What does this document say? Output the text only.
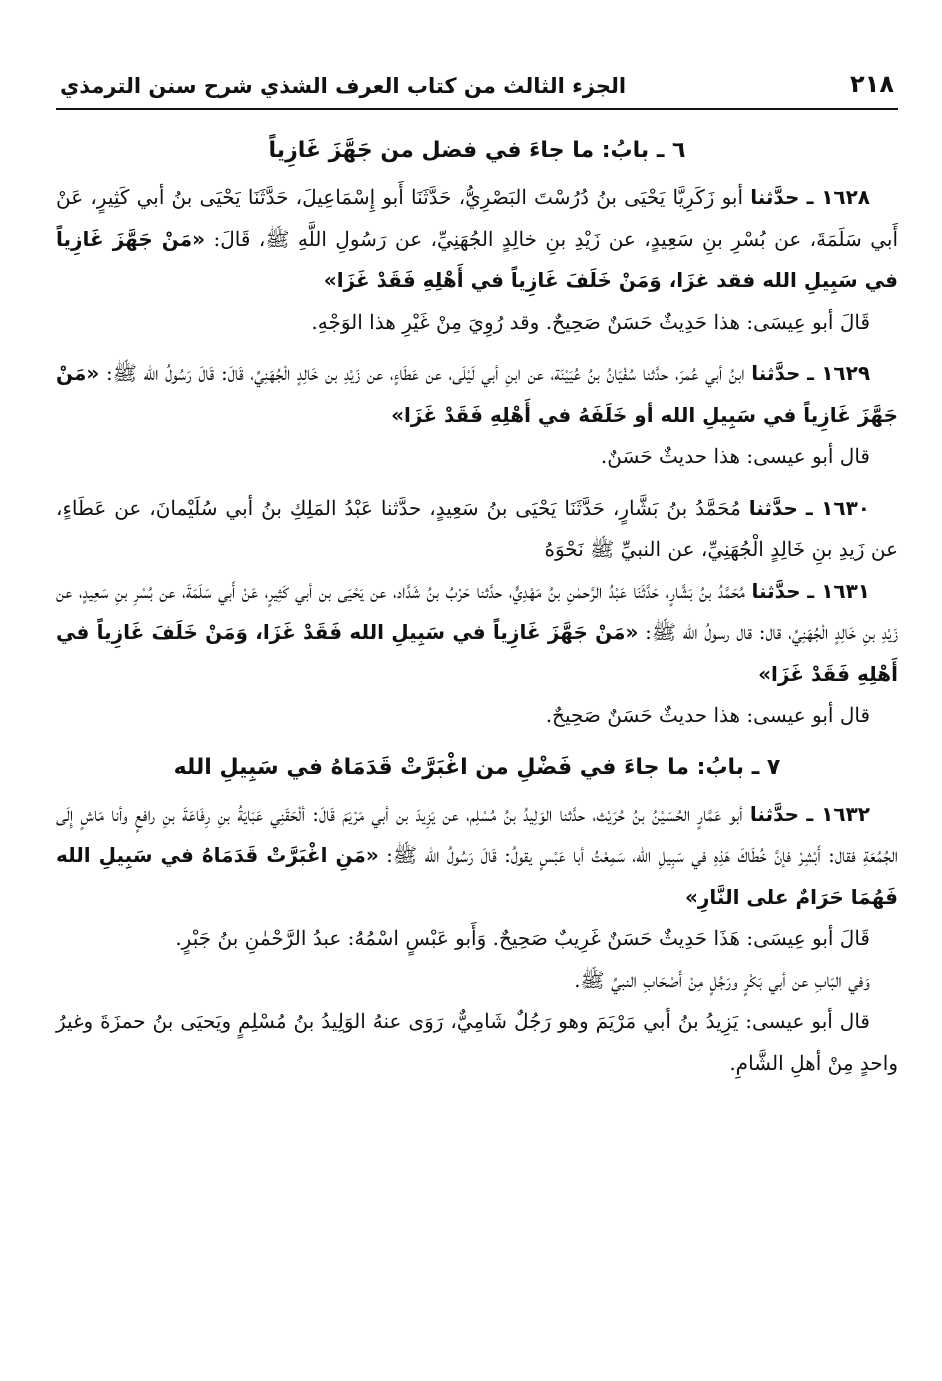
٢١٨
الجزء الثالث من كتاب العرف الشذي شرح سنن الترمذي
٦ ـ بابُ: ما جاءَ في فضل من جَهَّزَ غَازِياً

١٦٢٨ ـ حدَّثنا أبو زَكَرِيَّا يَحْيَى بنُ دُرُسْتَ البَصْرِيُّ، حَدَّثَنَا أَبو إِسْمَاعِيلَ، حَدَّثَنَا يَحْيَى بنُ أبي كَثِيرٍ، عَنْ أَبي سَلَمَةَ، عن بُسْرِ بنِ سَعِيدٍ، عن زَيْدِ بنِ خالِدٍ الجُهَنِيِّ، عن رَسُولِ اللَّهِ ﷺ، قَالَ: «مَنْ جَهَّزَ غَازِياً في سَبِيلِ الله فقد غزَا، وَمَنْ خَلَفَ غَازِياً في أَهْلِهِ فَقَدْ غَزَا»

قَالَ أبو عِيسَى: هذا حَدِيثٌ حَسَنٌ صَحِيحٌ. وقد رُوِيَ مِنْ غَيْرِ هذا الوَجْهِ.

١٦٢٩ ـ حدَّثنا ابنُ أبي عُمرَ، حدَّثنا سُفْيَانُ بنُ عُيَيْنَة، عن ابنِ أبي لَيْلَى، عن عَطَاءٍ، عن زَيْدِ بن خَالِدٍ الْجُهَنِيِّ، قَالَ: قَالَ رَسُولُ الله ﷺ: «مَنْ جَهَّزَ غَازِياً في سَبِيلِ الله أو خَلَفَهُ في أَهْلِهِ فَقَدْ غَزَا»

قال أبو عيسى: هذا حديثٌ حَسَنٌ.

١٦٣٠ ـ حدَّثنا مُحَمَّدُ بنُ بَشَّارٍ، حَدَّثَنَا يَحْيَى بنُ سَعِيدٍ، حدَّثنا عَبْدُ المَلِكِ بنُ أبي سُلَيْمانَ، عن عَطَاءٍ، عن زَيدِ بنِ خَالِدٍ الْجُهَنِيِّ، عن النبيِّ ﷺ نَحْوَهُ

١٦٣١ ـ حدَّثنا مُحَمَّدُ بنُ بَشَّارٍ، حَدَّثَنَا عَبْدُ الرَّحمٰنِ بنُ مَهْدِيٍّ، حدَّثنا حَرْبُ بنُ شَدَّاد، عن يَحْيَى بن أبي كَثِيرٍ، عَنْ أَبي سَلَمَةَ، عن بُسْرِ بنِ سَعِيدٍ، عن زَيْدِ بنِ خَالِدٍ الْجُهَنِيِّ، قال: قال رسولُ الله ﷺ: «مَنْ جَهَّزَ غَازِياً في سَبِيلِ الله فَقَدْ غَزَا، وَمَنْ خَلَفَ غَازِياً في أَهْلِهِ فَقَدْ غَزَا»

قال أبو عيسى: هذا حديثٌ حَسَنٌ صَحِيحٌ.

٧ ـ بابُ: ما جاءَ في فَضْلِ من اغْبَرَّتْ قَدَمَاهُ في سَبِيلِ الله

١٦٣٢ ـ حدَّثنا أبو عَمَّارٍ الحُسَيْنُ بنُ حُرَيْث، حدَّثنا الوَلِيدُ بنُ مُسْلِم، عن يَزِيدَ بن أبي مَرْيَمَ قَالَ: ألْحَقَنِي عَبَايَةُ بنِ رِفَاعَةَ بنِ رافعٍ وأنا مَاشٍ إِلَى الجُمُعَةِ فقال: أَبْشِرْ فإنَّ خُطَاكَ هَذِهِ في سَبِيلِ الله، سَمِعْتُ أبا عَبْسٍ يقولُ: قَالَ رَسُولُ الله ﷺ: «مَنِ اغْبَرَّتْ قَدَمَاهُ في سَبِيلِ الله فَهُمَا حَرَامٌ على النَّارِ»

قَالَ أبو عِيسَى: هَذَا حَدِيثٌ حَسَنٌ غَرِيبٌ صَحِيحٌ. وَأَبو عَبْسٍ اسْمُهُ: عبدُ الرَّحْمٰنِ بنُ جَبْرٍ.

وَفي البَابِ عن أبي بَكْرٍ ورَجُلٍ مِنْ أَصْحَابِ النبيِّ ﷺ.

قال أبو عيسى: يَزِيدُ بنُ أبي مَرْيَمَ وهو رَجُلٌ شَامِيٌّ، رَوَى عنهُ الوَلِيدُ بنُ مُسْلِمٍ ويَحيَى بنُ حمزَةَ وغيرُ واحدٍ مِنْ أهلِ الشَّامِ.
